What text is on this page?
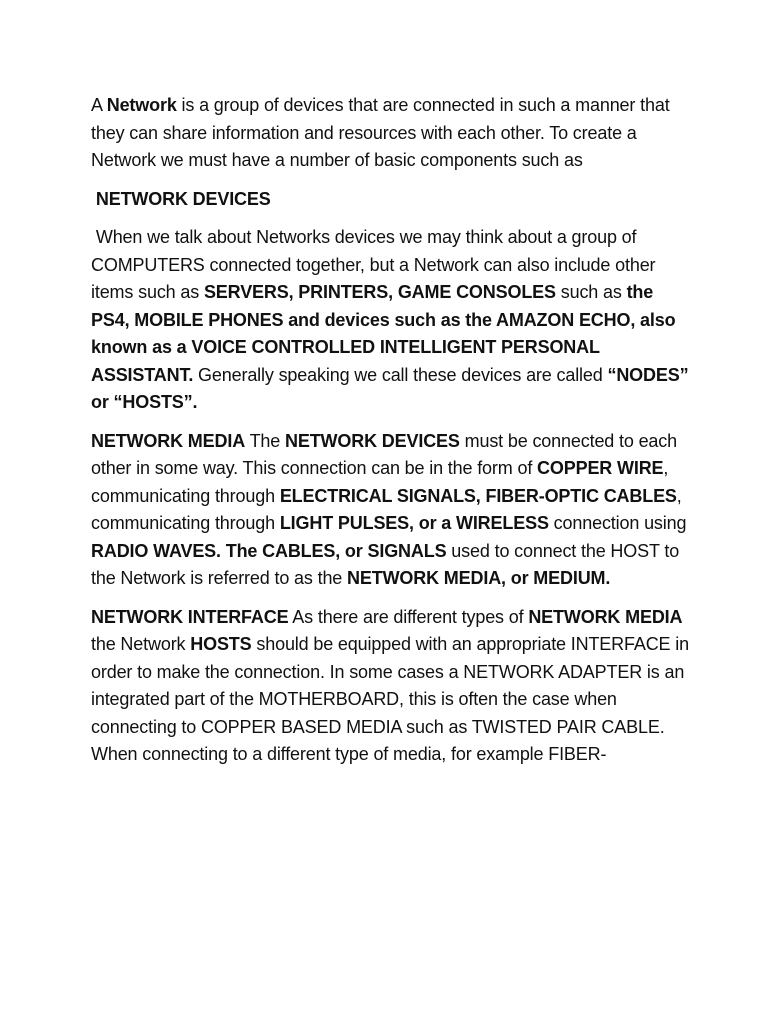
A Network is a group of devices that are connected in such a manner that they can share information and resources with each other. To create a Network we must have a number of basic components such as

NETWORK DEVICES

When we talk about Networks devices we may think about a group of COMPUTERS connected together, but a Network can also include other items such as SERVERS, PRINTERS, GAME CONSOLES such as the PS4, MOBILE PHONES and devices such as the AMAZON ECHO, also known as a VOICE CONTROLLED INTELLIGENT PERSONAL ASSISTANT. Generally speaking we call these devices are called “NODES” or “HOSTS”.

NETWORK MEDIA The NETWORK DEVICES must be connected to each other in some way. This connection can be in the form of COPPER WIRE, communicating through ELECTRICAL SIGNALS, FIBER-OPTIC CABLES, communicating through LIGHT PULSES, or a WIRELESS connection using RADIO WAVES. The CABLES, or SIGNALS used to connect the HOST to the Network is referred to as the NETWORK MEDIA, or MEDIUM.

NETWORK INTERFACE As there are different types of NETWORK MEDIA the Network HOSTS should be equipped with an appropriate INTERFACE in order to make the connection. In some cases a NETWORK ADAPTER is an integrated part of the MOTHERBOARD, this is often the case when connecting to COPPER BASED MEDIA such as TWISTED PAIR CABLE. When connecting to a different type of media, for example FIBER-
